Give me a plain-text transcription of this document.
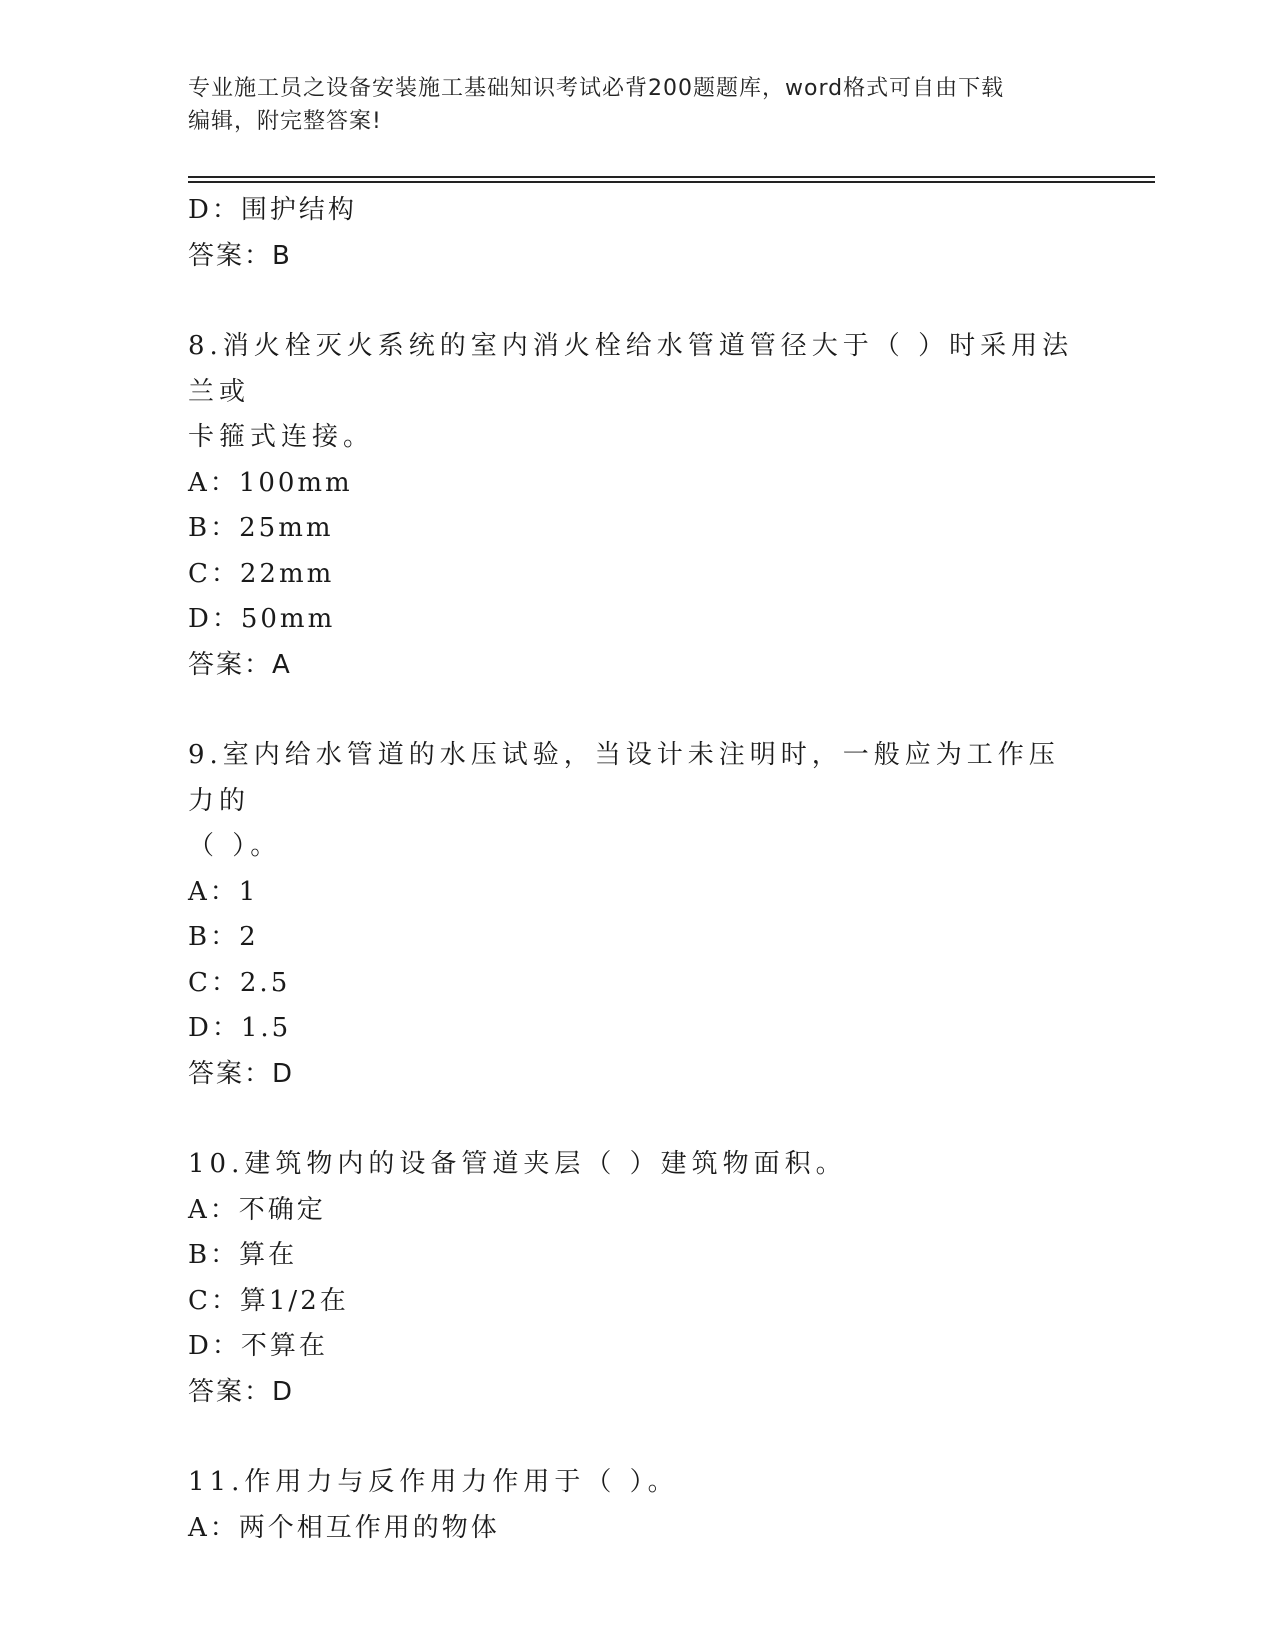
专业施工员之设备安装施工基础知识考试必背200题题库，word格式可自由下载
编辑，附完整答案!
D：围护结构
答案：B
8.消火栓灭火系统的室内消火栓给水管道管径大于（ ）时采用法兰或
卡箍式连接。
A：100mm
B：25mm
C：22mm
D：50mm
答案：A
9.室内给水管道的水压试验，当设计未注明时，一般应为工作压力的
（ ）。
A：1
B：2
C：2.5
D：1.5
答案：D
10.建筑物内的设备管道夹层（ ）建筑物面积。
A：不确定
B：算在
C：算1/2在
D：不算在
答案：D
11.作用力与反作用力作用于（ ）。
A：两个相互作用的物体
